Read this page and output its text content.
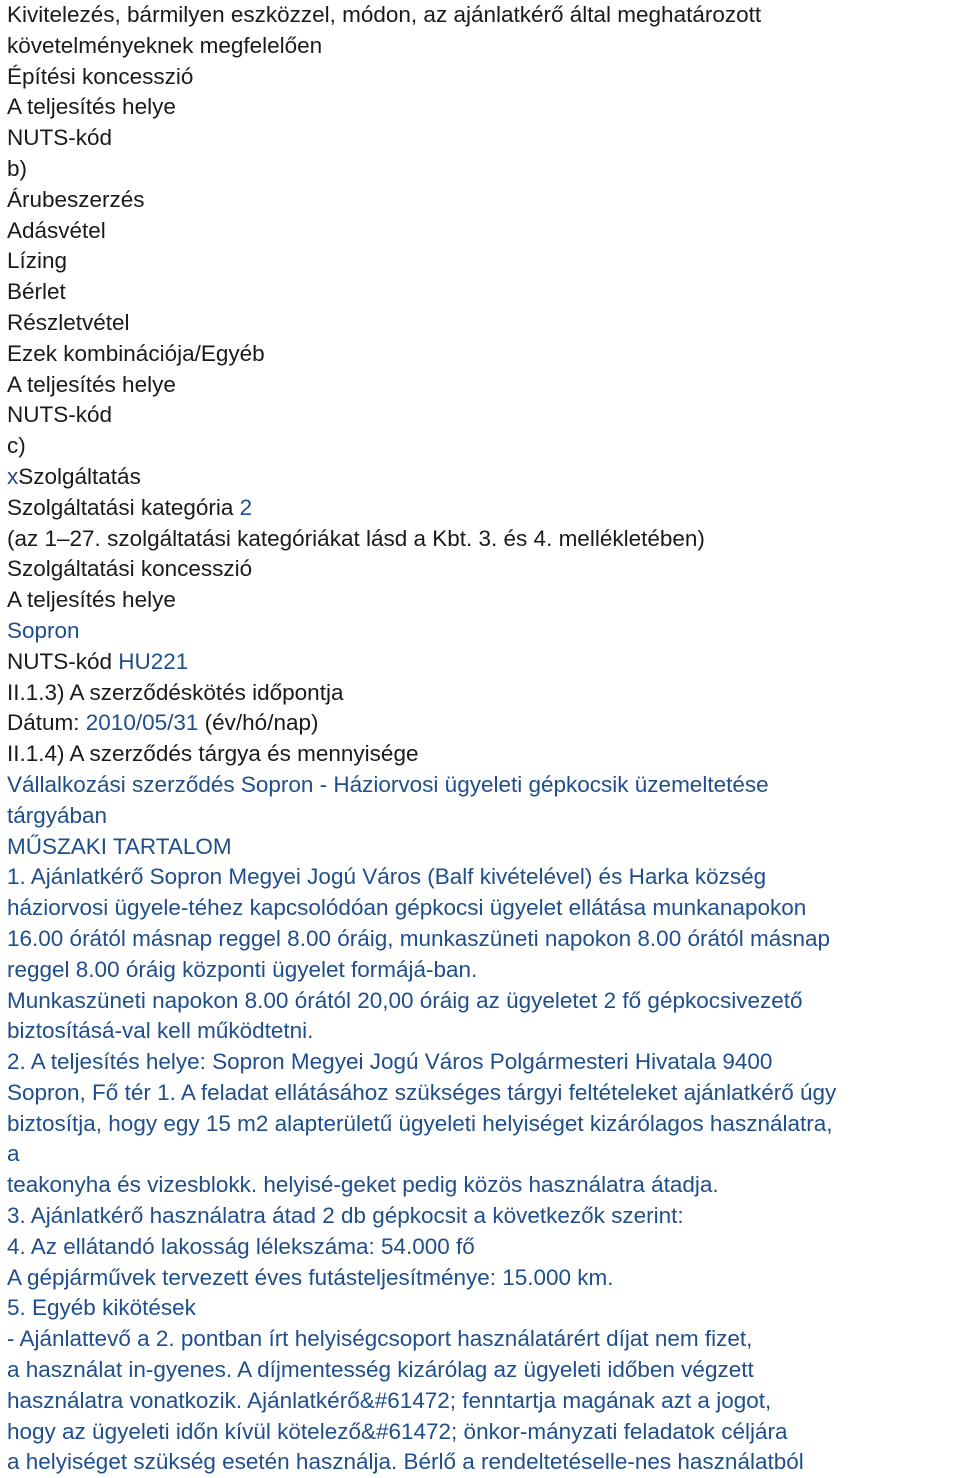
Kivitelezés, bármilyen eszközzel, módon, az ajánlatkérő által meghatározott
követelményeknek megfelelően
Építési koncesszió
A teljesítés helye
NUTS-kód
b)
Árubeszerzés
Adásvétel
Lízing
Bérlet
Részletvétel
Ezek kombinációja/Egyéb
A teljesítés helye
NUTS-kód
c)
xSzolgáltatás
Szolgáltatási kategória 2
(az 1–27. szolgáltatási kategóriákat lásd a Kbt. 3. és 4. mellékletében)
Szolgáltatási koncesszió
A teljesítés helye
Sopron
NUTS-kód HU221
II.1.3) A szerződéskötés időpontja
Dátum: 2010/05/31 (év/hó/nap)
II.1.4) A szerződés tárgya és mennyisége
Vállalkozási szerződés Sopron - Háziorvosi ügyeleti gépkocsik üzemeltetése
tárgyában
MŰSZAKI TARTALOM
1. Ajánlatkérő Sopron Megyei Jogú Város (Balf kivételével) és Harka község
háziorvosi ügyele-téhez kapcsolódóan gépkocsi ügyelet ellátása munkanapokon
16.00 órától másnap reggel 8.00 óráig, munkaszüneti napokon 8.00 órától másnap
reggel 8.00 óráig központi ügyelet formájá-ban.
Munkaszüneti napokon 8.00 órától 20,00 óráig az ügyeletet 2 fő gépkocsivezető
biztosításá-val kell működtetni.
2. A teljesítés helye: Sopron Megyei Jogú Város Polgármesteri Hivatala 9400
Sopron, Fő tér 1. A feladat ellátásához szükséges tárgyi feltételeket ajánlatkérő úgy
biztosítja, hogy egy 15 m2 alapterületű ügyeleti helyiséget kizárólagos használatra,
a
teakonyha és vizesblokk. helyisé-geket pedig közös használatra átadja.
3. Ajánlatkérő használatra átad 2 db gépkocsit a következők szerint:
4. Az ellátandó lakosság lélekszáma: 54.000 fő
A gépjárművek tervezett éves futásteljesítménye: 15.000 km.
5. Egyéb kikötések
- Ajánlattevő a 2. pontban írt helyiségcsoport használatárért díjat nem fizet,
a használat in-gyenes. A díjmentesség kizárólag az ügyeleti időben végzett
használatra vonatkozik. Ajánlatkérő&#61472; fenntartja magának azt a jogot,
hogy az ügyeleti időn kívül kötelező&#61472; önkor-mányzati feladatok céljára
a helyiséget szükség esetén használja. Bérlő a rendeltetéselle-nes használatból
